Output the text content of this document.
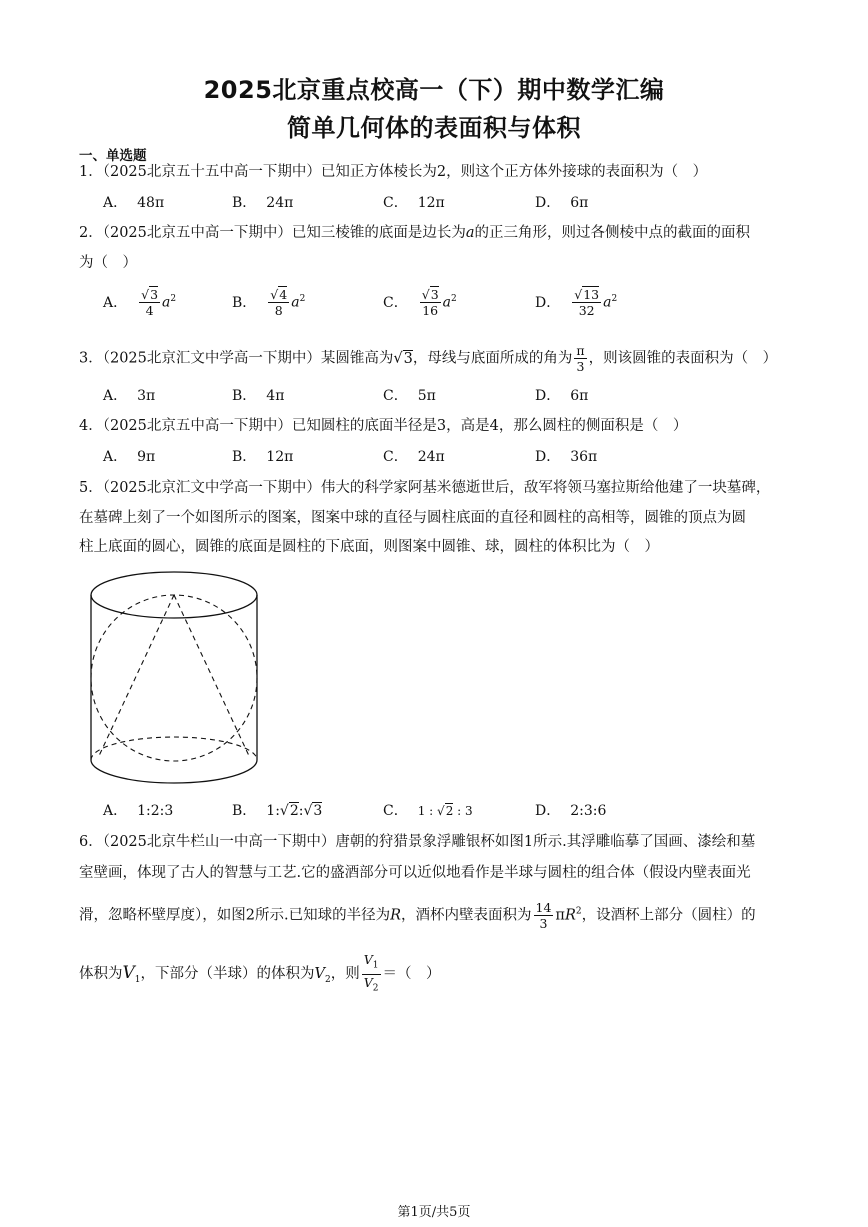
2025北京重点校高一（下）期中数学汇编
简单几何体的表面积与体积
一、单选题
1．（2025北京五十五中高一下期中）已知正方体棱长为2，则这个正方体外接球的表面积为（　）
A． 48π	B． 24π	C． 12π	D． 6π
2．（2025北京五中高一下期中）已知三棱锥的底面是边长为a的正三角形，则过各侧棱中点的截面的面积
为（　）
A． $\frac{√3}{4} a^2$	B． $\frac{√4}{8} a^2$	C． $\frac{√3}{16} a^2$	D． $\frac{√13}{32} a^2$
3．（2025北京汇文中学高一下期中）某圆锥高为√3，母线与底面所成的角为 $\frac{\pi}{3}$ ，则该圆锥的表面积为（　）
A． 3π	B． 4π	C． 5π	D． 6π
4．（2025北京五中高一下期中）已知圆柱的底面半径是3，高是4，那么圆柱的侧面积是（　）
A． 9π	B． 12π	C． 24π	D． 36π
5．（2025北京汇文中学高一下期中）伟大的科学家阿基米德逝世后，敌军将领马塞拉斯给他建了一块墓碑，
在墓碑上刻了一个如图所示的图案，图案中球的直径与圆柱底面的直径和圆柱的高相等，圆锥的顶点为圆
柱上底面的圆心，圆锥的底面是圆柱的下底面，则图案中圆锥、球，圆柱的体积比为（　）
A． 1:2:3	B． 1:√2:√3	C． 1 : √2 : 3	D． 2:3:6
6．（2025北京牛栏山一中高一下期中）唐朝的狩猎景象浮雕银杯如图1所示.其浮雕临摹了国画、漆绘和墓
室壁画，体现了古人的智慧与工艺.它的盛酒部分可以近似地看作是半球与圆柱的组合体（假设内壁表面光
滑，忽略杯壁厚度），如图2所示.已知球的半径为R，酒杯内壁表面积为 $\frac{14}{3} \pi R^2$，设酒杯上部分（圆柱）的
体积为$V_1$，下部分（半球）的体积为$V_2$，则 $\frac{V_1}{V_2}$ ＝（　）
第1页/共5页
